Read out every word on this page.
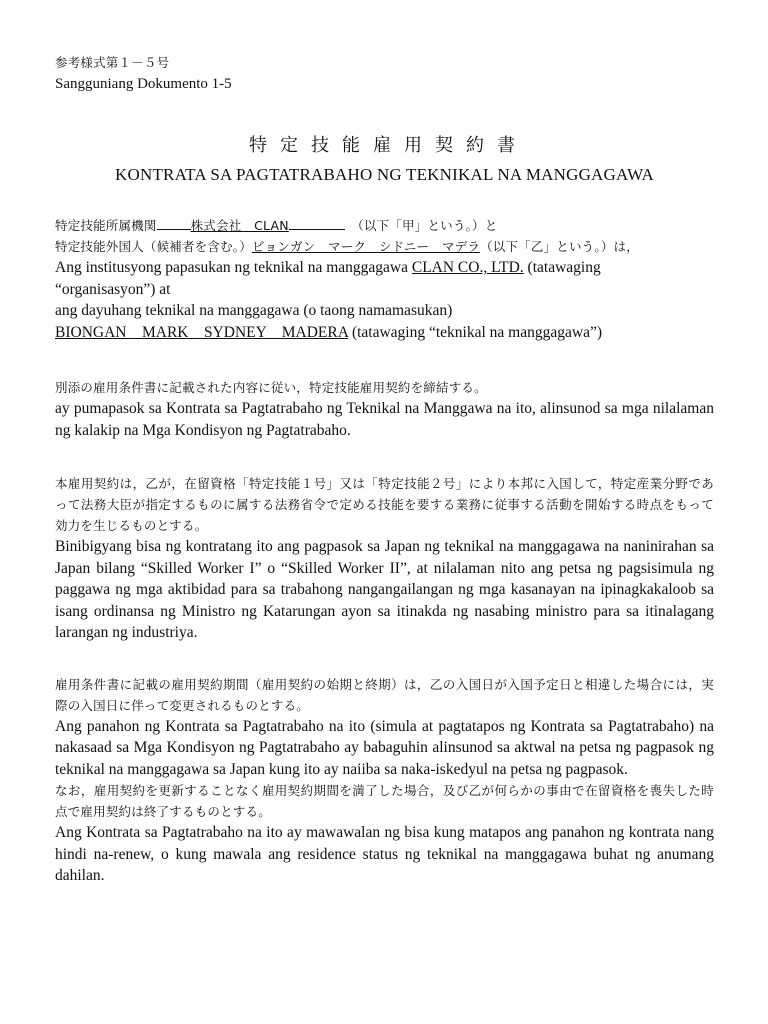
参考様式第１－５号

Sangguniang Dokumento 1-5

特定技能雇用契約書

KONTRATA SA PAGTATRABAHO NG TEKNIKAL NA MANGGAGAWA

特定技能所属機関	株式会社　CLAN　	（以下「甲」という。）と

特定技能外国人（候補者を含む。）ビョンガン　マーク　シドニー　マデラ（以下「乙」という。）は，

Ang institusyong papasukan ng teknikal na manggagawa CLAN CO., LTD. (tatawaging

“organisasyon”) at

ang dayuhang teknikal na manggagawa (o taong namamasukan)

BIONGAN    MARK    SYDNEY    MADERA (tatawaging “teknikal na manggagawa”)

別添の雇用条件書に記載された内容に従い，特定技能雇用契約を締結する。

ay pumapasok sa Kontrata sa Pagtatrabaho ng Teknikal na Manggawa na ito, alinsunod sa mga nilalaman ng kalakip na Mga Kondisyon ng Pagtatrabaho.

本雇用契約は，乙が，在留資格「特定技能１号」又は「特定技能２号」により本邦に入国して，特定産業分野であって法務大臣が指定するものに属する法務省令で定める技能を要する業務に従事する活動を開始する時点をもって効力を生じるものとする。

Binibigyang bisa ng kontratang ito ang pagpasok sa Japan ng teknikal na manggagawa na naninirahan sa Japan bilang “Skilled Worker I” o “Skilled Worker II”, at nilalaman nito ang petsa ng pagsisimula ng paggawa ng mga aktibidad para sa trabahong nangangailangan ng mga kasanayan na ipinagkakaloob sa isang ordinansa ng Ministro ng Katarungan ayon sa itinakda ng nasabing ministro para sa itinalagang larangan ng industriya.

雇用条件書に記載の雇用契約期間（雇用契約の始期と終期）は，乙の入国日が入国予定日と相違した場合には，実際の入国日に伴って変更されるものとする。

Ang panahon ng Kontrata sa Pagtatrabaho na ito (simula at pagtatapos ng Kontrata sa Pagtatrabaho) na nakasaad sa Mga Kondisyon ng Pagtatrabaho ay babaguhin alinsunod sa aktwal na petsa ng pagpasok ng teknikal na manggagawa sa Japan kung ito ay naiiba sa naka-iskedyul na petsa ng pagpasok.

なお，雇用契約を更新することなく雇用契約期間を満了した場合，及び乙が何らかの事由で在留資格を喪失した時点で雇用契約は終了するものとする。

Ang Kontrata sa Pagtatrabaho na ito ay mawawalan ng bisa kung matapos ang panahon ng kontrata nang hindi na-renew, o kung mawala ang residence status ng teknikal na manggagawa buhat ng anumang dahilan.
